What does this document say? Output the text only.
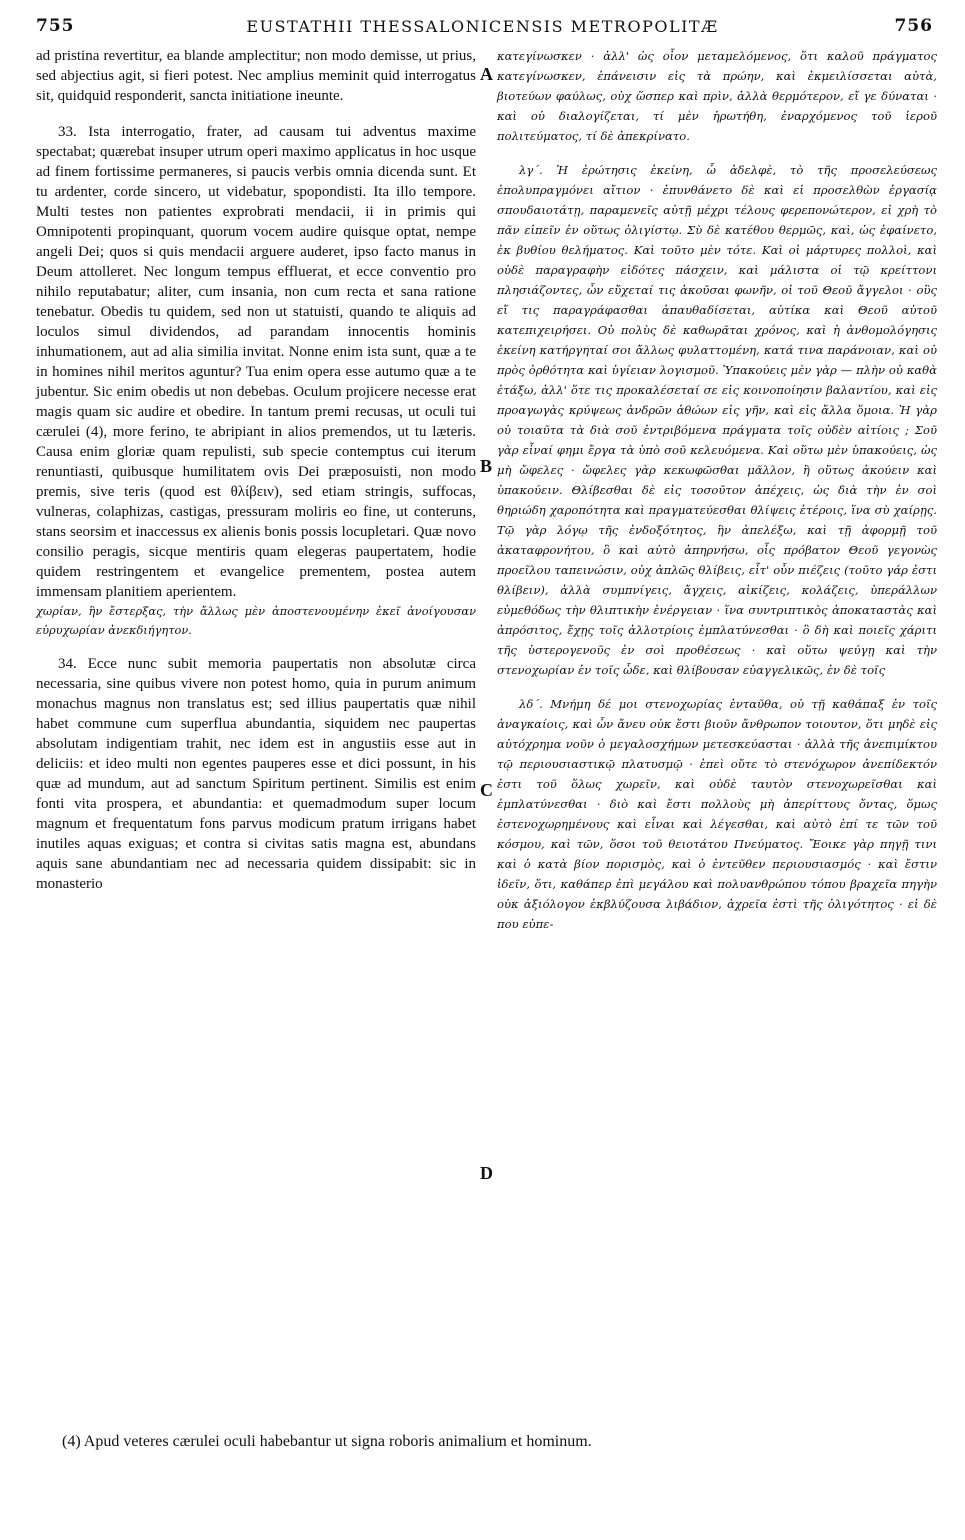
755	EUSTATHII THESSALONICENSIS METROPOLITÆ	756

ad pristina revertitur, ea blande amplectitur; non modo demisse, ut prius, sed abjectius agit, si fieri potest. Nec amplius meminit quid interrogatus sit, quidquid responderit, sancta initiatione ineunte.

33. Ista interrogatio, frater, ad causam tui adventus maxime spectabat; quærebat insuper utrum operi maximo applicatus in hoc usque ad finem fortissime permaneres, si paucis verbis omnia dicenda sunt. Et tu ardenter, corde sincero, ut videbatur, spopondisti. Ita illo tempore. Multi testes non patientes exprobrati mendacii, ii in primis qui Omnipotenti propinquant, quorum vocem audire quisque optat, nempe angeli Dei; quos si quis mendacii arguere auderet, ipso facto manus in Deum attolleret. Nec longum tempus effluerat, et ecce conventio pro nihilo reputabatur; aliter, cum insania, non cum recta et sana ratione tenebatur. Obedis tu quidem, sed non ut statuisti, quando te aliquis ad loculos simul dividendos, ad parandam innocentis hominis inhumationem, aut ad alia similia invitat. Nonne enim ista sunt, quæ a te in homines nihil meritos aguntur? Tua enim opera esse autumo quæ a te jubentur. Sic enim obedis ut non debebas. Oculum projicere necesse erat magis quam sic audire et obedire. In tantum premi recusas, ut oculi tui cærulei (4), more ferino, te abripiant in alios premendos, ut tu læteris. Causa enim gloriæ quam repulisti, sub specie contemptus cui iterum renuntiasti, quibusque humilitatem ovis Dei præposuisti, non modo premis, sive teris (quod est θλίβειν), sed etiam stringis, suffocas, vulneras, colaphizas, castigas, pressuram moliris eo fine, ut conteruns, stans seorsim et inaccessus ex alienis bonis possis locupletari. Quæ novo consilio peragis, sicque mentiris quam elegeras paupertatem, hodie quidem restringentem et evangelice prementem, postea autem immensam planitiem aperientem.

χωρίαν, ἣν ἔστερξας, τὴν ἄλλως μὲν ἀποστενουμένην ἐκεῖ ἀνοίγουσαν εὐρυχωρίαν ἀνεκδιήγητον.

34. Ecce nunc subit memoria paupertatis non absolutæ circa necessaria, sine quibus vivere non potest homo, quia in purum animum monachus magnus non translatus est; sed illius paupertatis quæ nihil habet commune cum superflua abundantia, siquidem nec paupertas absolutam indigentiam trahit, nec idem est in angustiis esse aut in deliciis: et ideo multi non egentes pauperes esse et dici possunt, in his quæ ad mundum, aut ad sanctum Spiritum pertinent. Similis est enim fonti vita prospera, et abundantia: et quemadmodum super locum magnum et frequentatum fons parvus modicum pratum irrigans habet inutiles aquas exiguas; et contra si civitas satis magna est, abundans aquis sane abundantiam nec ad necessaria quidem dissipabit: sic in monasterio

κατεγίνωσκεν · ἀλλ' ὡς οἷον μεταμελόμενος, ὅτι καλοῦ πράγματος κατεγίνωσκεν, ἐπάνεισιν εἰς τὰ πρώην, καὶ ἐκμειλίσσεται αὐτὰ, βιοτεύων φαύλως, οὐχ ὥσπερ καὶ πρὶν, ἀλλὰ θερμότερον, εἴ γε δύναται · καὶ οὐ διαλογίζεται, τί μὲν ἠρωτήθη, ἐναρχόμενος τοῦ ἱεροῦ πολιτεύματος, τί δὲ ἀπεκρίνατο.

λγ΄. Ἡ ἐρώτησις ἐκείνη, ὦ ἀδελφὲ, τὸ τῆς προσελεύσεως ἐπολυπραγμόνει αἴτιον · ἐπυνθάνετο δὲ καὶ εἰ προσελθὼν ἐργασίᾳ σπουδαιοτάτῃ, παραμενεῖς αὐτῇ μέχρι τέλους φερεπονώτερον, εἰ χρὴ τὸ πᾶν εἰπεῖν ἐν οὕτως ὀλιγίστῳ. Σὺ δὲ κατέθου θερμῶς, καὶ, ὡς ἐφαίνετο, ἐκ βυθίου θελήματος. Καὶ τοῦτο μὲν τότε. Καὶ οἱ μάρτυρες πολλοὶ, καὶ οὐδὲ παραγραφὴν εἰδότες πάσχειν, καὶ μάλιστα οἱ τῷ κρείττονι πλησιάζοντες, ὧν εὔχεταί τις ἀκοῦσαι φωνῆν, οἱ τοῦ Θεοῦ ἄγγελοι · οὓς εἴ τις παραγράφασθαι ἀπαυθαδίσεται, αὐτίκα καὶ Θεοῦ αὐτοῦ κατεπιχειρήσει. Οὐ πολὺς δὲ καθωρᾶται χρόνος, καὶ ἡ ἀνθομολόγησις ἐκείνη κατήργηταί σοι ἄλλως φυλαττομένη, κατά τινα παράνοιαν, καὶ οὐ πρὸς ὀρθότητα καὶ ὑγίειαν λογισμοῦ. Ὑπακούεις μὲν γὰρ — πλὴν οὐ καθὰ ἐτάξω, ἀλλ' ὅτε τις προκαλέσεταί σε εἰς κοινοποίησιν βαλαντίου, καὶ εἰς προαγωγὰς κρύψεως ἀνδρῶν ἀθώων εἰς γῆν, καὶ εἰς ἄλλα ὅμοια. Ἡ γὰρ οὐ τοιαῦτα τὰ διὰ σοῦ ἐντριβόμενα πράγματα τοῖς οὐδὲν αἰτίοις ; Σοῦ γὰρ εἶναί φημι ἔργα τὰ ὑπὸ σοῦ κελευόμενα. Καὶ οὕτω μὲν ὑπακούεις, ὡς μὴ ὤφελες · ὤφελες γὰρ κεκωφῶσθαι μᾶλλον, ἢ οὕτως ἀκούειν καὶ ὑπακούειν. Θλίβεσθαι δὲ εἰς τοσοῦτον ἀπέχεις, ὡς διὰ τὴν ἐν σοὶ θηριώδη χαροπότητα καὶ πραγματεύεσθαι θλίψεις ἑτέροις, ἵνα σὺ χαίρῃς. Τῷ γὰρ λόγῳ τῆς ἐνδοξότητος, ἣν ἀπελέξω, καὶ τῇ ἀφορμῇ τοῦ ἀκαταφρονήτου, ὃ καὶ αὐτὸ ἀπηρνήσω, οἷς πρόβατον Θεοῦ γεγονὼς προεῖλου ταπεινώσιν, οὐχ ἁπλῶς θλίβεις, εἶτ' οὖν πιέζεις (τοῦτο γάρ ἐστι θλίβειν), ἀλλὰ συμπνίγεις, ἄγχεις, αἰκίζεις, κολάζεις, ὑπεράλλων εὐμεθόδως τὴν θλιπτικὴν ἐνέργειαν · ἵνα συντριπτικὸς ἀποκαταστὰς καὶ ἀπρόσιτος, ἔχῃς τοῖς ἀλλοτρίοις ἐμπλατύνεσθαι · ὃ δὴ καὶ ποιεῖς χάριτι τῆς ὑστερογενοῦς ἐν σοὶ προθέσεως · καὶ οὕτω ψεύγῃ καὶ τὴν στενοχωρίαν ἐν τοῖς ὧδε, καὶ θλίβουσαν εὐαγγελικῶς, ἐν δὲ τοῖς

λδ΄. Μνήμη δέ μοι στενοχωρίας ἐνταῦθα, οὐ τῇ καθάπαξ ἐν τοῖς ἀναγκαίοις, καὶ ὧν ἄνευ οὐκ ἔστι βιοῦν ἄνθρωπον τοιουτον, ὅτι μηδὲ εἰς αὐτόχρημα νοῦν ὁ μεγαλοσχήμων μετεσκεύασται · ἀλλὰ τῆς ἀνεπιμίκτου τῷ περιουσιαστικῷ πλατυσμῷ · ἐπεὶ οὔτε τὸ στενόχωρον ἀνεπίδεκτόν ἐστι τοῦ ὅλως χωρεῖν, καὶ οὐδὲ ταυτὸν στενοχωρεῖσθαι καὶ ἐμπλατύνεσθαι · διὸ καὶ ἔστι πολλοὺς μὴ ἀπερίττους ὄντας, ὅμως ἐστενοχωρημένους καὶ εἶναι καὶ λέγεσθαι, καὶ αὐτὸ ἐπί τε τῶν τοῦ κόσμου, καὶ τῶν, ὅσοι τοῦ θειοτάτου Πνεύματος. Ἔοικε γὰρ πηγῇ τινι καὶ ὁ κατὰ βίον πορισμὸς, καὶ ὁ ἐντεῦθεν περιουσιασμός · καὶ ἔστιν ἰδεῖν, ὅτι, καθάπερ ἐπὶ μεγάλου καὶ πολυανθρώπου τόπου βραχεῖα πηγὴν οὐκ ἀξιόλογον ἐκβλύζουσα λιβάδιον, ἀχρεῖα ἐστὶ τῆς ὀλιγότητος · εἰ δὲ που εὐπε-

A
B
C
D
(4) Apud veteres cærulei oculi habebantur ut signa roboris animalium et hominum.
